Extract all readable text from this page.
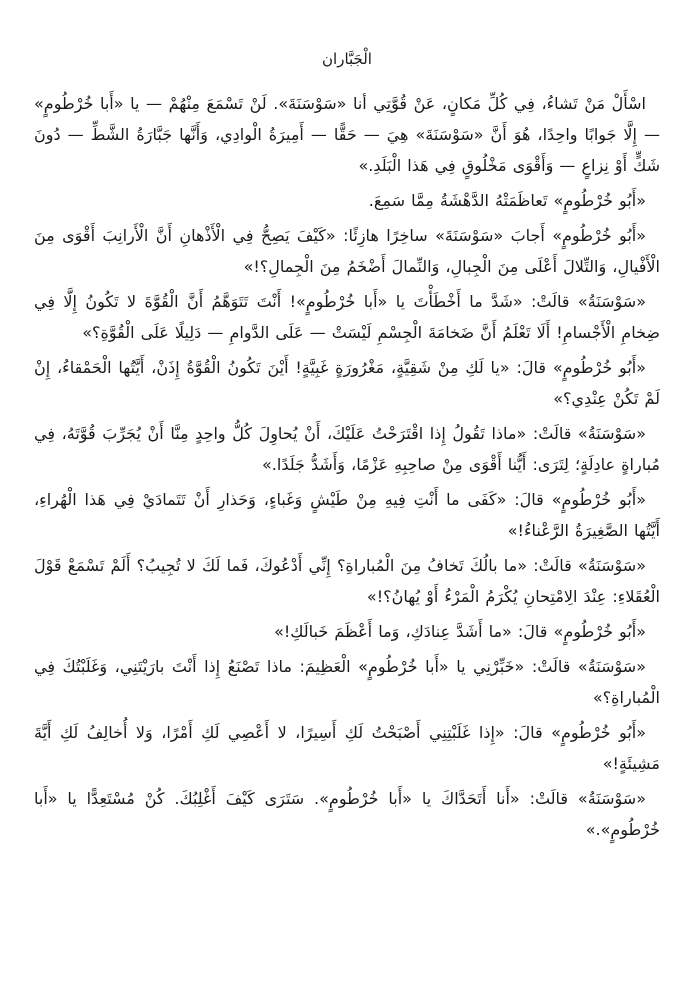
الْجَبَّاران

اسْأَلْ مَنْ تَشاءُ، فِي كُلِّ مَكانٍ، عَنْ قُوَّتِي أنا «سَوْسَنَةَ». لَنْ تَسْمَعَ مِنْهُمْ — يا «أَبا خُرْطُومٍ» — إِلَّا جَوابًا واحِدًا، هُوَ أَنَّ «سَوْسَنَةَ» هِيَ — حَقًّا — أَمِيرَةُ الْوادِي، وَأَنَّها جَبَّارَةُ الشَّطِّ — دُونَ شَكٍّ أَوْ نِزاعٍ — وَأَقْوَى مَخْلُوقٍ فِي هَذا الْبَلَدِ.»

«أَبُو خُرْطُومٍ» تَعاظَمَتْهُ الدَّهْشَةُ مِمَّا سَمِعَ.

«أَبُو خُرْطُومٍ» أَجابَ «سَوْسَنَةَ» ساخِرًا هازِئًا: «كَيْفَ يَصِحُّ فِي الْأَذْهانِ أَنَّ الْأَرانِبَ أَقْوَى مِنَ الْأَفْيالِ، وَالتِّلالَ أَعْلَى مِنَ الْجِبالِ، وَالنِّمالَ أَضْخَمُ مِنَ الْجِمالِ؟!»

«سَوْسَنَةُ» قالَتْ: «شَدَّ ما أَخْطَأْتَ يا «أَبا خُرْطُومٍ»! أَنْتَ تَتَوَهَّمُ أَنَّ الْقُوَّةَ لا تَكُونُ إِلَّا فِي ضِخامِ الْأَجْسامِ! أَلَا تَعْلَمُ أَنَّ ضَخامَةَ الْجِسْمِ لَيْسَتْ — عَلَى الدَّوامِ — دَلِيلًا عَلَى الْقُوَّةِ؟»

«أَبُو خُرْطُومٍ» قالَ: «يا لَكِ مِنْ شَقِيَّةٍ، مَغْرُورَةٍ غَبِيَّةٍ! أَيْنَ تَكُونُ الْقُوَّةُ إِذَنْ، أَيَّتُها الْحَمْقاءُ، إِنْ لَمْ تَكُنْ عِنْدِي؟»

«سَوْسَنَةُ» قالَتْ: «ماذا تَقُولُ إِذا اقْتَرَحْتُ عَلَيْكَ، أَنْ يُحاوِلَ كُلُّ واحِدٍ مِنَّا أَنْ يُجَرِّبَ قُوَّتَهُ، فِي مُباراةٍ عادِلَةٍ؛ لِتَرَى: أَيُّنا أَقْوَى مِنْ صاحِبِهِ عَزْمًا، وَأَشَدُّ جَلَدًا.»

«أَبُو خُرْطُومٍ» قالَ: «كَفَى ما أَنْتِ فِيهِ مِنْ طَيْشٍ وَغَباءٍ، وَحَذارِ أَنْ تَتَمادَيْ فِي هَذا الْهُراءِ، أَيَّتُها الصَّغِيرَةُ الرَّعْناءُ!»

«سَوْسَنَةُ» قالَتْ: «ما بالُكَ تَخافُ مِنَ الْمُباراةِ؟ إِنِّي أَدْعُوكَ، فَما لَكَ لا تُجِيبُ؟ أَلَمْ تَسْمَعْ قَوْلَ الْعُقَلاءِ: عِنْدَ الِامْتِحانِ يُكْرَمُ الْمَرْءُ أَوْ يُهانُ؟!»

«أَبُو خُرْطُومٍ» قالَ: «ما أَشَدَّ عِنادَكِ، وَما أَعْظَمَ خَبالَكِ!»

«سَوْسَنَةُ» قالَتْ: «خَبِّرْنِي يا «أَبا خُرْطُومٍ» الْعَظِيمَ: ماذا تَصْنَعُ إِذا أَنْتَ بارَيْتَنِي، وَغَلَبْتُكَ فِي الْمُباراةِ؟»

«أَبُو خُرْطُومٍ» قالَ: «إِذا غَلَبْتِنِي أَصْبَحْتُ لَكِ أَسِيرًا، لا أَعْصِي لَكِ أَمْرًا، وَلا أُخالِفُ لَكِ أَيَّةَ مَشِيئَةٍ!»

«سَوْسَنَةُ» قالَتْ: «أَنا أَتَحَدَّاكَ يا «أَبا خُرْطُومٍ». سَتَرَى كَيْفَ أَغْلِبُكَ. كُنْ مُسْتَعِدًّا يا «أَبا خُرْطُومٍ».»
